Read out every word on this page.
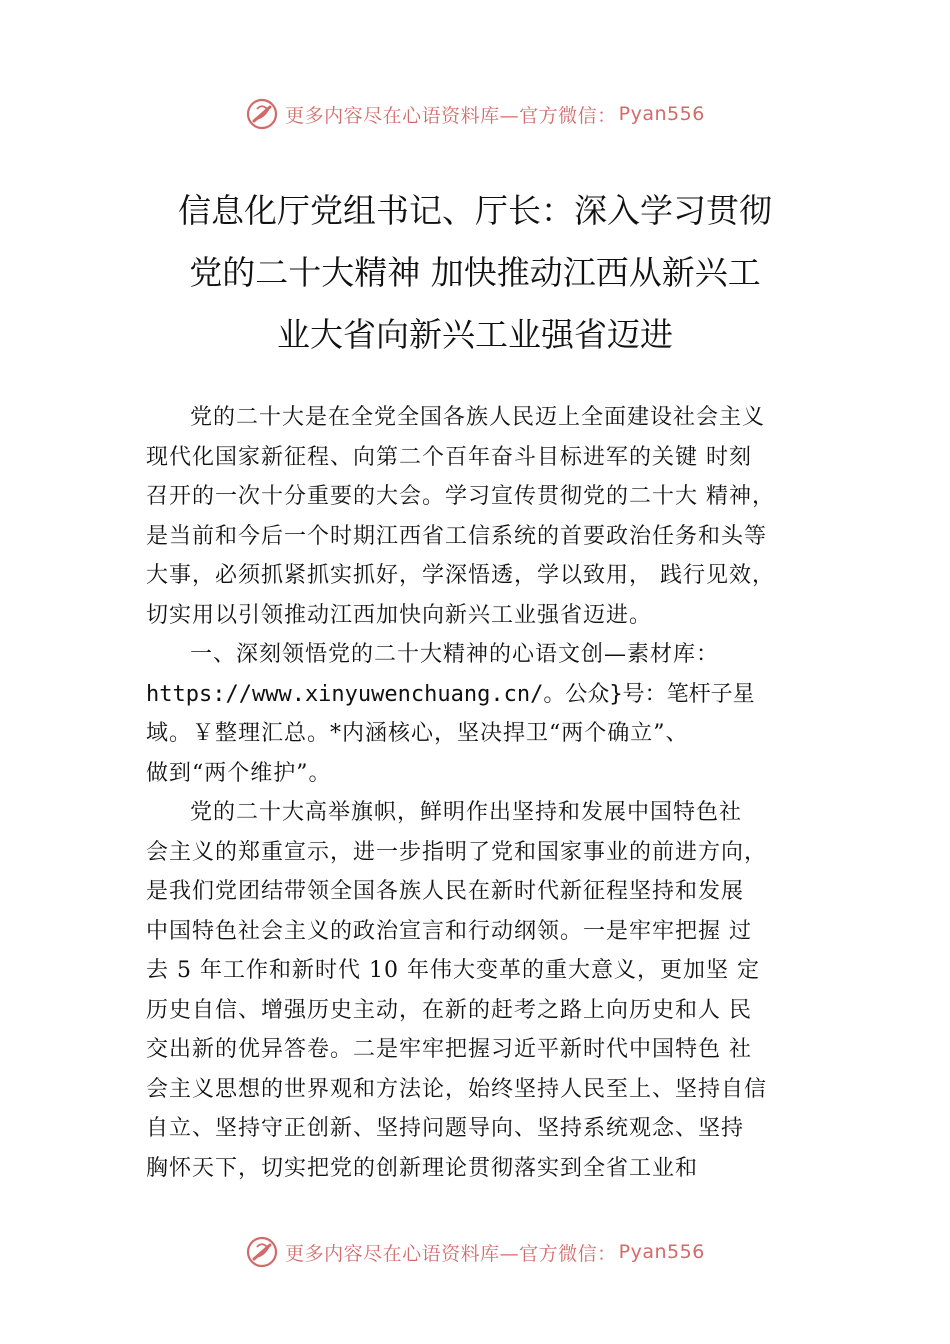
更多内容尽在心语资料库—官方微信： Pyan556
信息化厅党组书记、厅长：深入学习贯彻
党的二十大精神 加快推动江西从新兴工
业大省向新兴工业强省迈进
党的二十大是在全党全国各族人民迈上全面建设社会主义
现代化国家新征程、向第二个百年奋斗目标进军的关键 时刻
召开的一次十分重要的大会。学习宣传贯彻党的二十大 精神，
是当前和今后一个时期江西省工信系统的首要政治任务和头等
大事，必须抓紧抓实抓好，学深悟透，学以致用， 践行见效，
切实用以引领推动江西加快向新兴工业强省迈进。
一、深刻领悟党的二十大精神的心语文创—素材库：
https://www.xinyuwenchuang.cn/。公众}号：笔杆子星
域。￥整理汇总。*内涵核心，坚决捍卫“两个确立”、
做到“两个维护”。
党的二十大高举旗帜，鲜明作出坚持和发展中国特色社
会主义的郑重宣示，进一步指明了党和国家事业的前进方向，
是我们党团结带领全国各族人民在新时代新征程坚持和发展
中国特色社会主义的政治宣言和行动纲领。一是牢牢把握 过
去 5 年工作和新时代 10 年伟大变革的重大意义，更加坚 定
历史自信、增强历史主动，在新的赶考之路上向历史和人 民
交出新的优异答卷。二是牢牢把握习近平新时代中国特色 社
会主义思想的世界观和方法论，始终坚持人民至上、坚持自信
自立、坚持守正创新、坚持问题导向、坚持系统观念、坚持
胸怀天下，切实把党的创新理论贯彻落实到全省工业和
更多内容尽在心语资料库—官方微信： Pyan556
